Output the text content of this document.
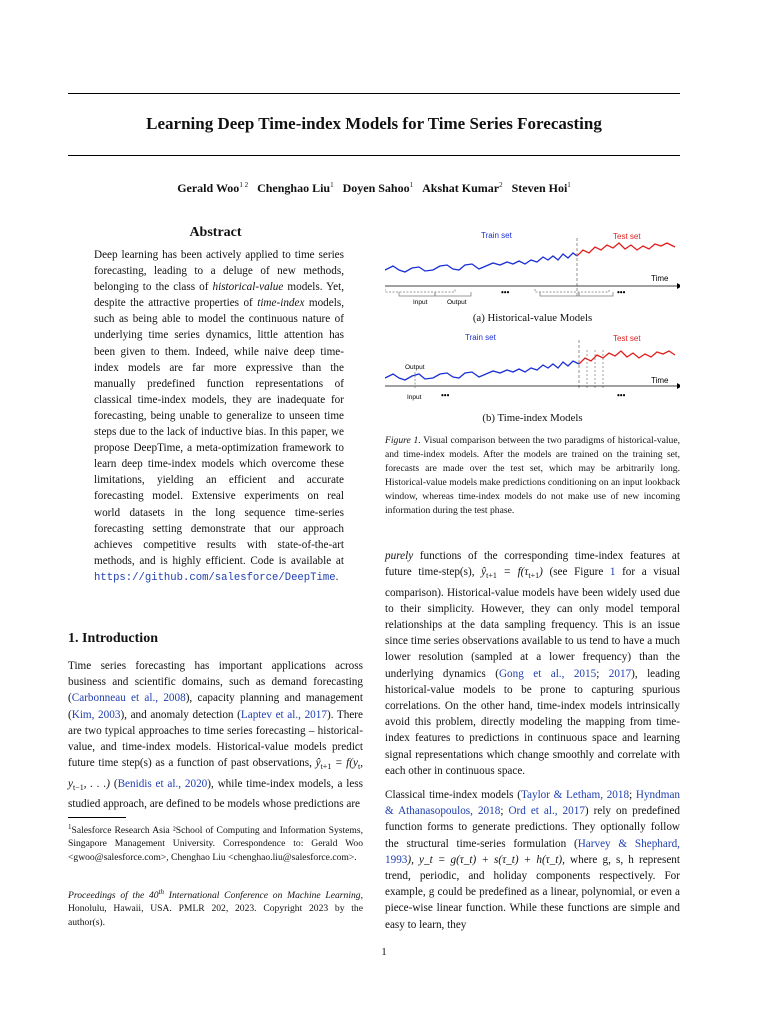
Learning Deep Time-index Models for Time Series Forecasting
Gerald Woo$^{1 2}$ Chenghao Liu$^1$ Doyen Sahoo$^1$ Akshat Kumar$^2$ Steven Hoi$^1$
Abstract
Deep learning has been actively applied to time series forecasting, leading to a deluge of new methods, belonging to the class of historical-value models. Yet, despite the attractive properties of time-index models, such as being able to model the continuous nature of underlying time series dynamics, little attention has been given to them. Indeed, while naive deep time-index models are far more expressive than the manually predefined function representations of classical time-index models, they are inadequate for forecasting, being unable to generalize to unseen time steps due to the lack of inductive bias. In this paper, we propose DeepTime, a meta-optimization framework to learn deep time-index models which overcome these limitations, yielding an efficient and accurate forecasting model. Extensive experiments on real world datasets in the long sequence time-series forecasting setting demonstrate that our approach achieves competitive results with state-of-the-art methods, and is highly efficient. Code is available at https://github.com/salesforce/DeepTime.
1. Introduction
Time series forecasting has important applications across business and scientific domains, such as demand forecasting (Carbonneau et al., 2008), capacity planning and management (Kim, 2003), and anomaly detection (Laptev et al., 2017). There are two typical approaches to time series forecasting – historical-value, and time-index models. Historical-value models predict future time step(s) as a function of past observations, $ŷ_{t+1} = f(y_t$, $y_{t-1}$, . . .) (Benidis et al., 2020), while time-index models, a less studied approach, are defined to be models whose predictions are
$^1$Salesforce Research Asia ²School of Computing and Information Systems, Singapore Management University. Correspondence to: Gerald Woo <gwoo@salesforce.com>, Chenghao Liu <chenghao.liu@salesforce.com>.
Proceedings of the 40th International Conference on Machine Learning, Honolulu, Hawaii, USA. PMLR 202, 2023. Copyright 2023 by the author(s).
Train set	Test set
Time
Input	Output
•••	•••
Train set	Test set
Output
Time
Input •••	•••
(a) Historical-value Models
(b) Time-index Models
Figure 1. Visual comparison between the two paradigms of historical-value, and time-index models. After the models are trained on the training set, forecasts are made over the test set, which may be arbitrarily long. Historical-value models make predictions conditioning on an input lookback window, whereas time-index models do not make use of new incoming information during the test phase.
purely functions of the corresponding time-index features at future time-step(s), $ŷ_{t+1} = f(\tau_{t+1})$ (see Figure 1 for a visual comparison). Historical-value models have been widely used due to their simplicity. However, they can only model temporal relationships at the data sampling frequency. This is an issue since time series observations available to us tend to have a much lower resolution (sampled at a lower frequency) than the underlying dynamics (Gong et al., 2015; 2017), leading historical-value models to be prone to capturing spurious correlations. On the other hand, time-index models intrinsically avoid this problem, directly modeling the mapping from time-index features to predictions in continuous space and learning signal representations which change smoothly and correlate with each other in continuous space.
Classical time-index models (Taylor & Letham, 2018; Hyndman & Athanasopoulos, 2018; Ord et al., 2017) rely on predefined function forms to generate predictions. They optionally follow the structural time-series formulation (Harvey & Shephard, 1993), y_t = g(τ_t) + s(τ_t) + h(τ_t), where g, s, h represent trend, periodic, and holiday components respectively. For example, g could be predefined as a linear, polynomial, or even a piece-wise linear function. While these functions are simple and easy to learn, they
1
